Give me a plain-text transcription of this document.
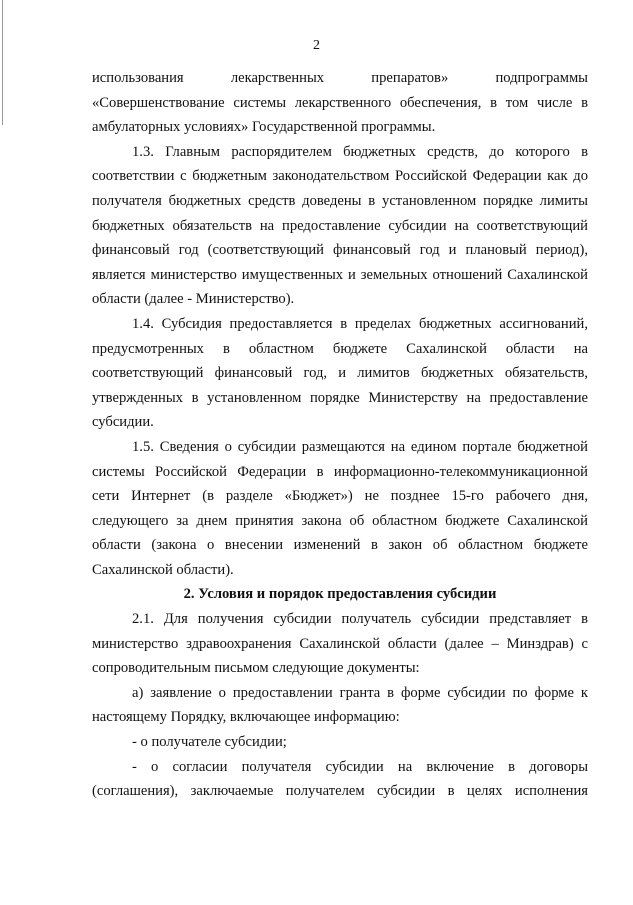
2

использования лекарственных препаратов» подпрограммы «Совершенствование системы лекарственного обеспечения, в том числе в амбулаторных условиях» Государственной программы.

1.3. Главным распорядителем бюджетных средств, до которого в соответствии с бюджетным законодательством Российской Федерации как до получателя бюджетных средств доведены в установленном порядке лимиты бюджетных обязательств на предоставление субсидии на соответствующий финансовый год (соответствующий финансовый год и плановый период), является министерство имущественных и земельных отношений Сахалинской области (далее - Министерство).

1.4. Субсидия предоставляется в пределах бюджетных ассигнований, предусмотренных в областном бюджете Сахалинской области на соответствующий финансовый год, и лимитов бюджетных обязательств, утвержденных в установленном порядке Министерству на предоставление субсидии.

1.5. Сведения о субсидии размещаются на едином портале бюджетной системы Российской Федерации в информационно-телекоммуникационной сети Интернет (в разделе «Бюджет») не позднее 15-го рабочего дня, следующего за днем принятия закона об областном бюджете Сахалинской области (закона о внесении изменений в закон об областном бюджете Сахалинской области).

2. Условия и порядок предоставления субсидии

2.1. Для получения субсидии получатель субсидии представляет в министерство здравоохранения Сахалинской области (далее – Минздрав) с сопроводительным письмом следующие документы:

а) заявление о предоставлении гранта в форме субсидии по форме к настоящему Порядку, включающее информацию:

- о получателе субсидии;

- о согласии получателя субсидии на включение в договоры (соглашения), заключаемые получателем субсидии в целях исполнения
